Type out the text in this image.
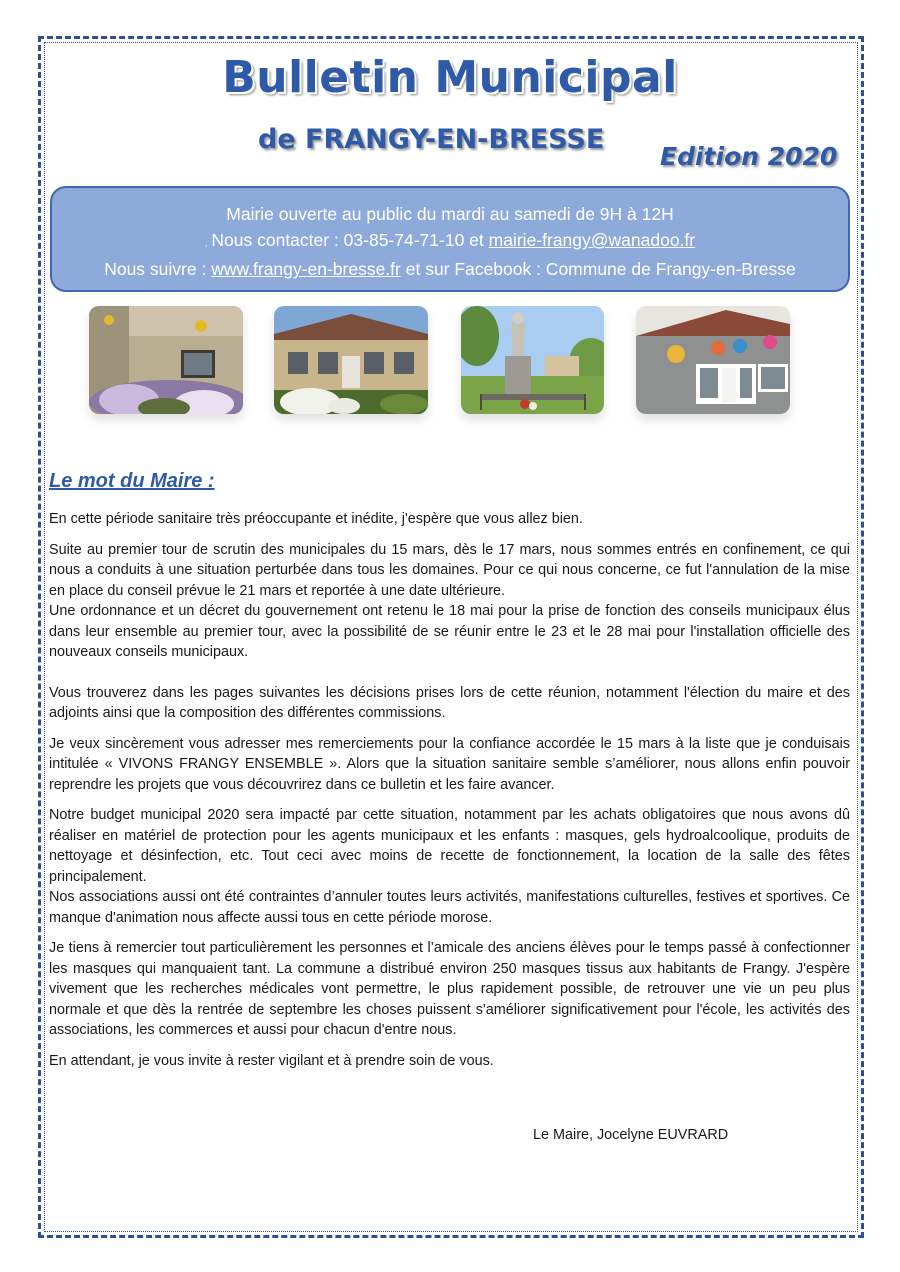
Bulletin Municipal
de FRANGY-EN-BRESSE
Edition 2020
Mairie ouverte au public du mardi au samedi de 9H à 12H
, Nous contacter : 03-85-74-71-10 et mairie-frangy@wanadoo.fr
Nous suivre : www.frangy-en-bresse.fr et sur Facebook : Commune de Frangy-en-Bresse
Le mot du Maire :

En cette période sanitaire très préoccupante et inédite, j'espère que vous allez bien.

Suite au premier tour de scrutin des municipales du 15 mars, dès le 17 mars, nous sommes entrés en confinement, ce qui nous a conduits à une situation perturbée dans tous les domaines. Pour ce qui nous concerne, ce fut l'annulation de la mise en place du conseil prévue le 21 mars et reportée à une date ultérieure.

Une ordonnance et un décret du gouvernement ont retenu le 18 mai pour la prise de fonction des conseils municipaux élus dans leur ensemble au premier tour, avec la possibilité de se réunir entre le 23 et le 28 mai pour l'installation officielle des nouveaux conseils municipaux.

Vous trouverez dans les pages suivantes les décisions prises lors de cette réunion, notamment l'élection du maire et des adjoints ainsi que la composition des différentes commissions.

Je veux sincèrement vous adresser mes remerciements pour la confiance accordée le 15 mars à la liste que je conduisais intitulée « VIVONS FRANGY ENSEMBLE ». Alors que la situation sanitaire semble s’améliorer, nous allons enfin pouvoir reprendre les projets que vous découvrirez dans ce bulletin et les faire avancer.

Notre budget municipal 2020 sera impacté par cette situation, notamment par les achats obligatoires que nous avons dû réaliser en matériel de protection pour les agents municipaux et les enfants : masques, gels hydroalcoolique, produits de nettoyage et désinfection, etc. Tout ceci avec moins de recette de fonctionnement, la location de la salle des fêtes principalement.

Nos associations aussi ont été contraintes d’annuler toutes leurs activités, manifestations culturelles, festives et sportives. Ce manque d'animation nous affecte aussi tous en cette période morose.

Je tiens à remercier tout particulièrement les personnes et l’amicale des anciens élèves pour le temps passé à confectionner les masques qui manquaient tant. La commune a distribué environ 250 masques tissus aux habitants de Frangy. J'espère vivement que les recherches médicales vont permettre, le plus rapidement possible, de retrouver une vie un peu plus normale et que dès la rentrée de septembre les choses puissent s'améliorer significativement pour l'école, les activités des associations, les commerces et aussi pour chacun d'entre nous.

En attendant, je vous invite à rester vigilant et à prendre soin de vous.

Le Maire, Jocelyne EUVRARD
